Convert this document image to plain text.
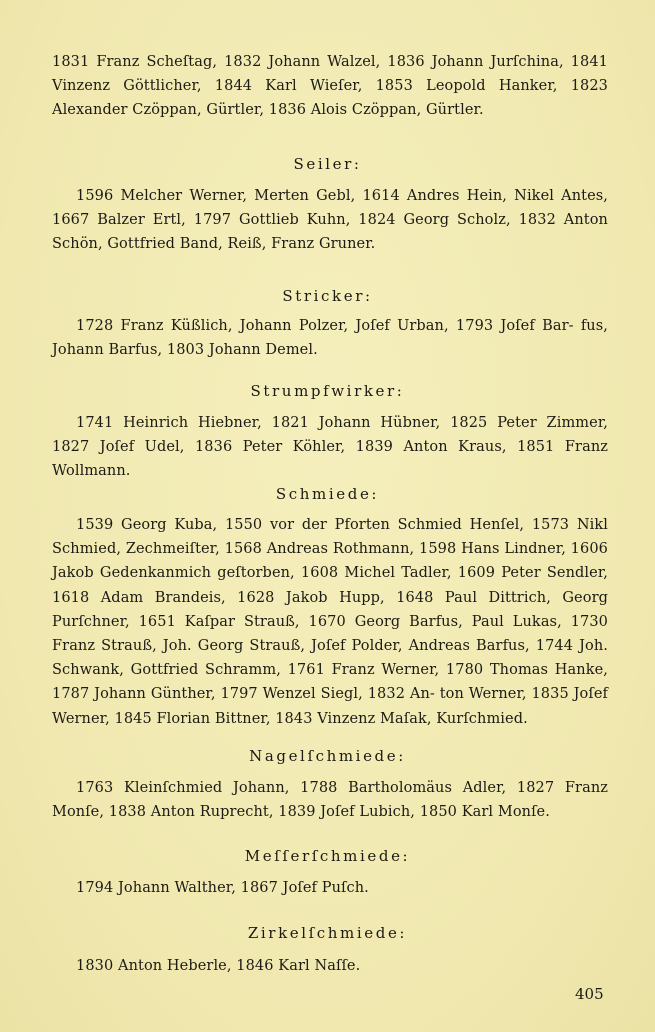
1831 Franz Scheſtag, 1832 Johann Walzel, 1836 Johann Jurſchina, 1841 Vinzenz Göttlicher, 1844 Karl Wieſer, 1853 Leopold Hanker, 1823 Alexander Czöppan, Gürtler, 1836 Alois Czöppan, Gürtler.

Seiler:

1596 Melcher Werner, Merten Gebl, 1614 Andres Hein, Nikel Antes, 1667 Balzer Ertl, 1797 Gottlieb Kuhn, 1824 Georg Scholz, 1832 Anton Schön, Gottfried Band, Reiß, Franz Gruner.

Stricker:

1728 Franz Küßlich, Johann Polzer, Joſef Urban, 1793 Joſef Bar- fus, Johann Barfus, 1803 Johann Demel.

Strumpfwirker:

1741 Heinrich Hiebner, 1821 Johann Hübner, 1825 Peter Zimmer, 1827 Joſef Udel, 1836 Peter Köhler, 1839 Anton Kraus, 1851 Franz Wollmann.

Schmiede:

1539 Georg Kuba, 1550 vor der Pforten Schmied Henſel, 1573 Nikl Schmied, Zechmeiſter, 1568 Andreas Rothmann, 1598 Hans Lindner, 1606 Jakob Gedenkanmich geſtorben, 1608 Michel Tadler, 1609 Peter Sendler, 1618 Adam Brandeis, 1628 Jakob Hupp, 1648 Paul Dittrich, Georg Purſchner, 1651 Kaſpar Strauß, 1670 Georg Barfus, Paul Lukas, 1730 Franz Strauß, Joh. Georg Strauß, Joſef Polder, Andreas Barfus, 1744 Joh. Schwank, Gottfried Schramm, 1761 Franz Werner, 1780 Thomas Hanke, 1787 Johann Günther, 1797 Wenzel Siegl, 1832 An- ton Werner, 1835 Joſef Werner, 1845 Florian Bittner, 1843 Vinzenz Maſak, Kurſchmied.

Nagelſchmiede:

1763 Kleinſchmied Johann, 1788 Bartholomäus Adler, 1827 Franz Monſe, 1838 Anton Ruprecht, 1839 Joſef Lubich, 1850 Karl Monſe.

Meſſerſchmiede:

1794 Johann Walther, 1867 Joſef Puſch.

Zirkelſchmiede:

1830 Anton Heberle, 1846 Karl Naſſe.

405
